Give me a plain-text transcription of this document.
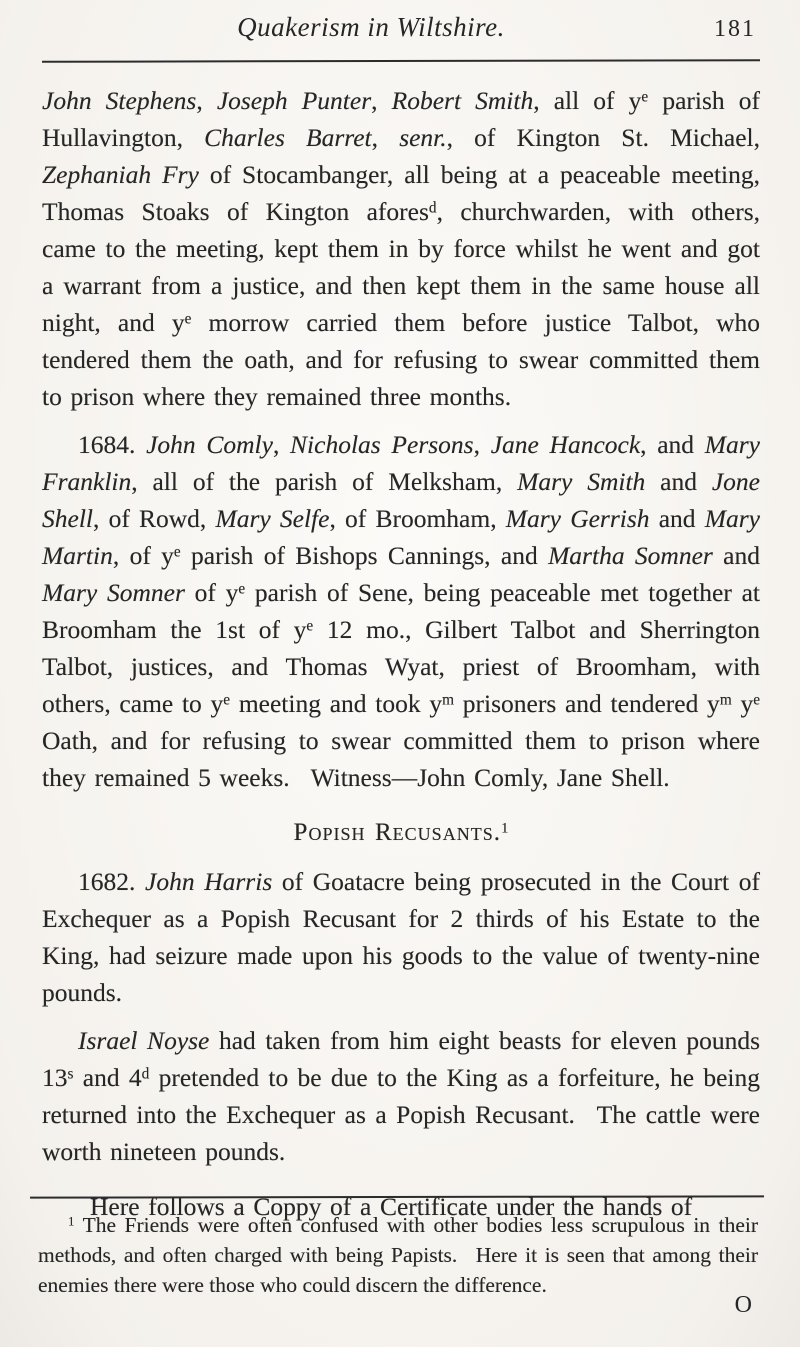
Quakerism in Wiltshire.	181

John Stephens, Joseph Punter, Robert Smith, all of $y^e$ parish of Hullavington, Charles Barret, senr., of Kington St. Michael, Zephaniah Fry of Stocambanger, all being at a peaceable meeting, Thomas Stoaks of Kington afores$^d$, churchwarden, with others, came to the meeting, kept them in by force whilst he went and got a warrant from a justice, and then kept them in the same house all night, and $y^e$ morrow carried them before justice Talbot, who tendered them the oath, and for refusing to swear committed them to prison where they remained three months.

1684. John Comly, Nicholas Persons, Jane Hancock, and Mary Franklin, all of the parish of Melksham, Mary Smith and Jone Shell, of Rowd, Mary Selfe, of Broomham, Mary Gerrish and Mary Martin, of $y^e$ parish of Bishops Cannings, and Martha Somner and Mary Somner of $y^e$ parish of Sene, being peaceable met together at Broomham the 1st of $y^e$ 12 mo., Gilbert Talbot and Sherrington Talbot, justices, and Thomas Wyat, priest of Broomham, with others, came to $y^e$ meeting and took $y^m$ prisoners and tendered $y^m$ $y^e$ Oath, and for refusing to swear committed them to prison where they remained 5 weeks.  Witness—John Comly, Jane Shell.

Popish Recusants.$^1$

1682. John Harris of Goatacre being prosecuted in the Court of Exchequer as a Popish Recusant for 2 thirds of his Estate to the King, had seizure made upon his goods to the value of twenty-nine pounds.

Israel Noyse had taken from him eight beasts for eleven pounds 13$^s$ and 4$^d$ pretended to be due to the King as a forfeiture, he being returned into the Exchequer as a Popish Recusant.  The cattle were worth nineteen pounds.

Here follows a Coppy of a Certificate under the hands of

$^1$ The Friends were often confused with other bodies less scrupulous in their methods, and often charged with being Papists.  Here it is seen that among their enemies there were those who could discern the difference.

O
